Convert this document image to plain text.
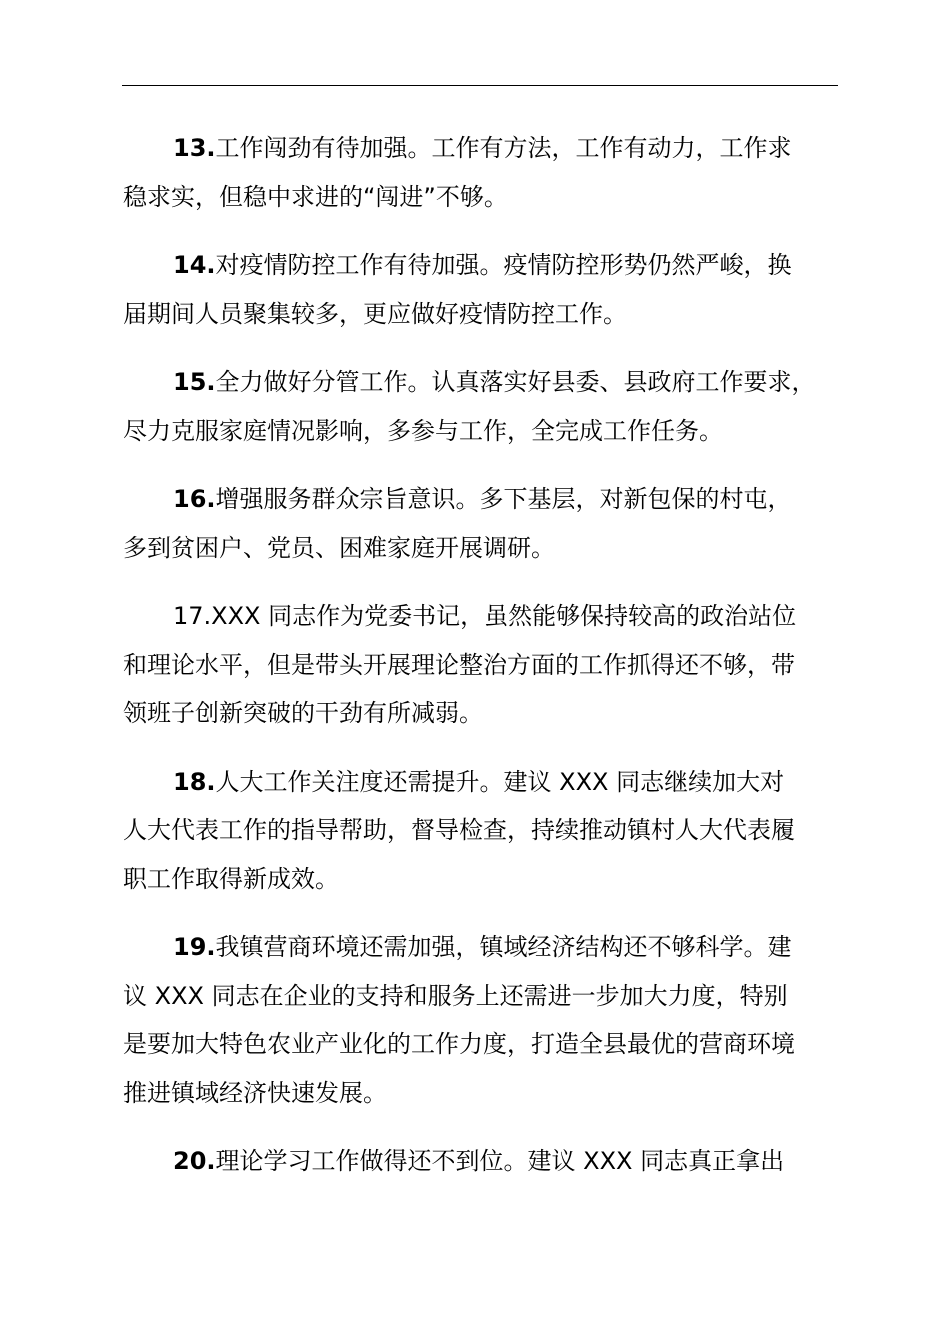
13.工作闯劲有待加强。工作有方法，工作有动力，工作求
稳求实，但稳中求进的“闯进”不够。
14.对疫情防控工作有待加强。疫情防控形势仍然严峻，换
届期间人员聚集较多，更应做好疫情防控工作。
15.全力做好分管工作。认真落实好县委、县政府工作要求，
尽力克服家庭情况影响，多参与工作，全完成工作任务。
16.增强服务群众宗旨意识。多下基层，对新包保的村屯，
多到贫困户、党员、困难家庭开展调研。
17.XXX 同志作为党委书记，虽然能够保持较高的政治站位
和理论水平，但是带头开展理论整治方面的工作抓得还不够，带
领班子创新突破的干劲有所减弱。
18.人大工作关注度还需提升。建议 XXX 同志继续加大对
人大代表工作的指导帮助，督导检查，持续推动镇村人大代表履
职工作取得新成效。
19.我镇营商环境还需加强，镇域经济结构还不够科学。建
议 XXX 同志在企业的支持和服务上还需进一步加大力度，特别
是要加大特色农业产业化的工作力度，打造全县最优的营商环境
推进镇域经济快速发展。
20.理论学习工作做得还不到位。建议 XXX 同志真正拿出
